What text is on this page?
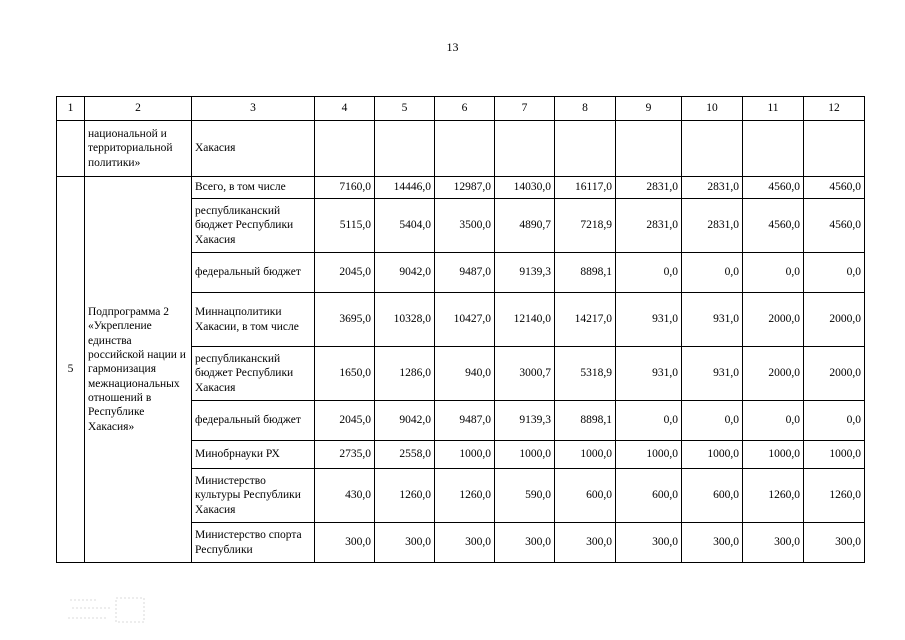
13
1	2	3	4	5	6	7	8	9	10	11	12
	национальной и территориальной политики»	Хакасия									
5	Подпрограмма 2 «Укрепление единства российской нации и гармонизация межнациональных отношений в Республике Хакасия»	Всего, в том числе	7160,0	14446,0	12987,0	14030,0	16117,0	2831,0	2831,0	4560,0	4560,0
		республиканский бюджет Республики Хакасия	5115,0	5404,0	3500,0	4890,7	7218,9	2831,0	2831,0	4560,0	4560,0
		федеральный бюджет	2045,0	9042,0	9487,0	9139,3	8898,1	0,0	0,0	0,0	0,0
		Миннацполитики Хакасии, в том числе	3695,0	10328,0	10427,0	12140,0	14217,0	931,0	931,0	2000,0	2000,0
		республиканский бюджет Республики Хакасия	1650,0	1286,0	940,0	3000,7	5318,9	931,0	931,0	2000,0	2000,0
		федеральный бюджет	2045,0	9042,0	9487,0	9139,3	8898,1	0,0	0,0	0,0	0,0
		Минобрнауки РХ	2735,0	2558,0	1000,0	1000,0	1000,0	1000,0	1000,0	1000,0	1000,0
		Министерство культуры Республики Хакасия	430,0	1260,0	1260,0	590,0	600,0	600,0	600,0	1260,0	1260,0
		Министерство спорта Республики	300,0	300,0	300,0	300,0	300,0	300,0	300,0	300,0	300,0
